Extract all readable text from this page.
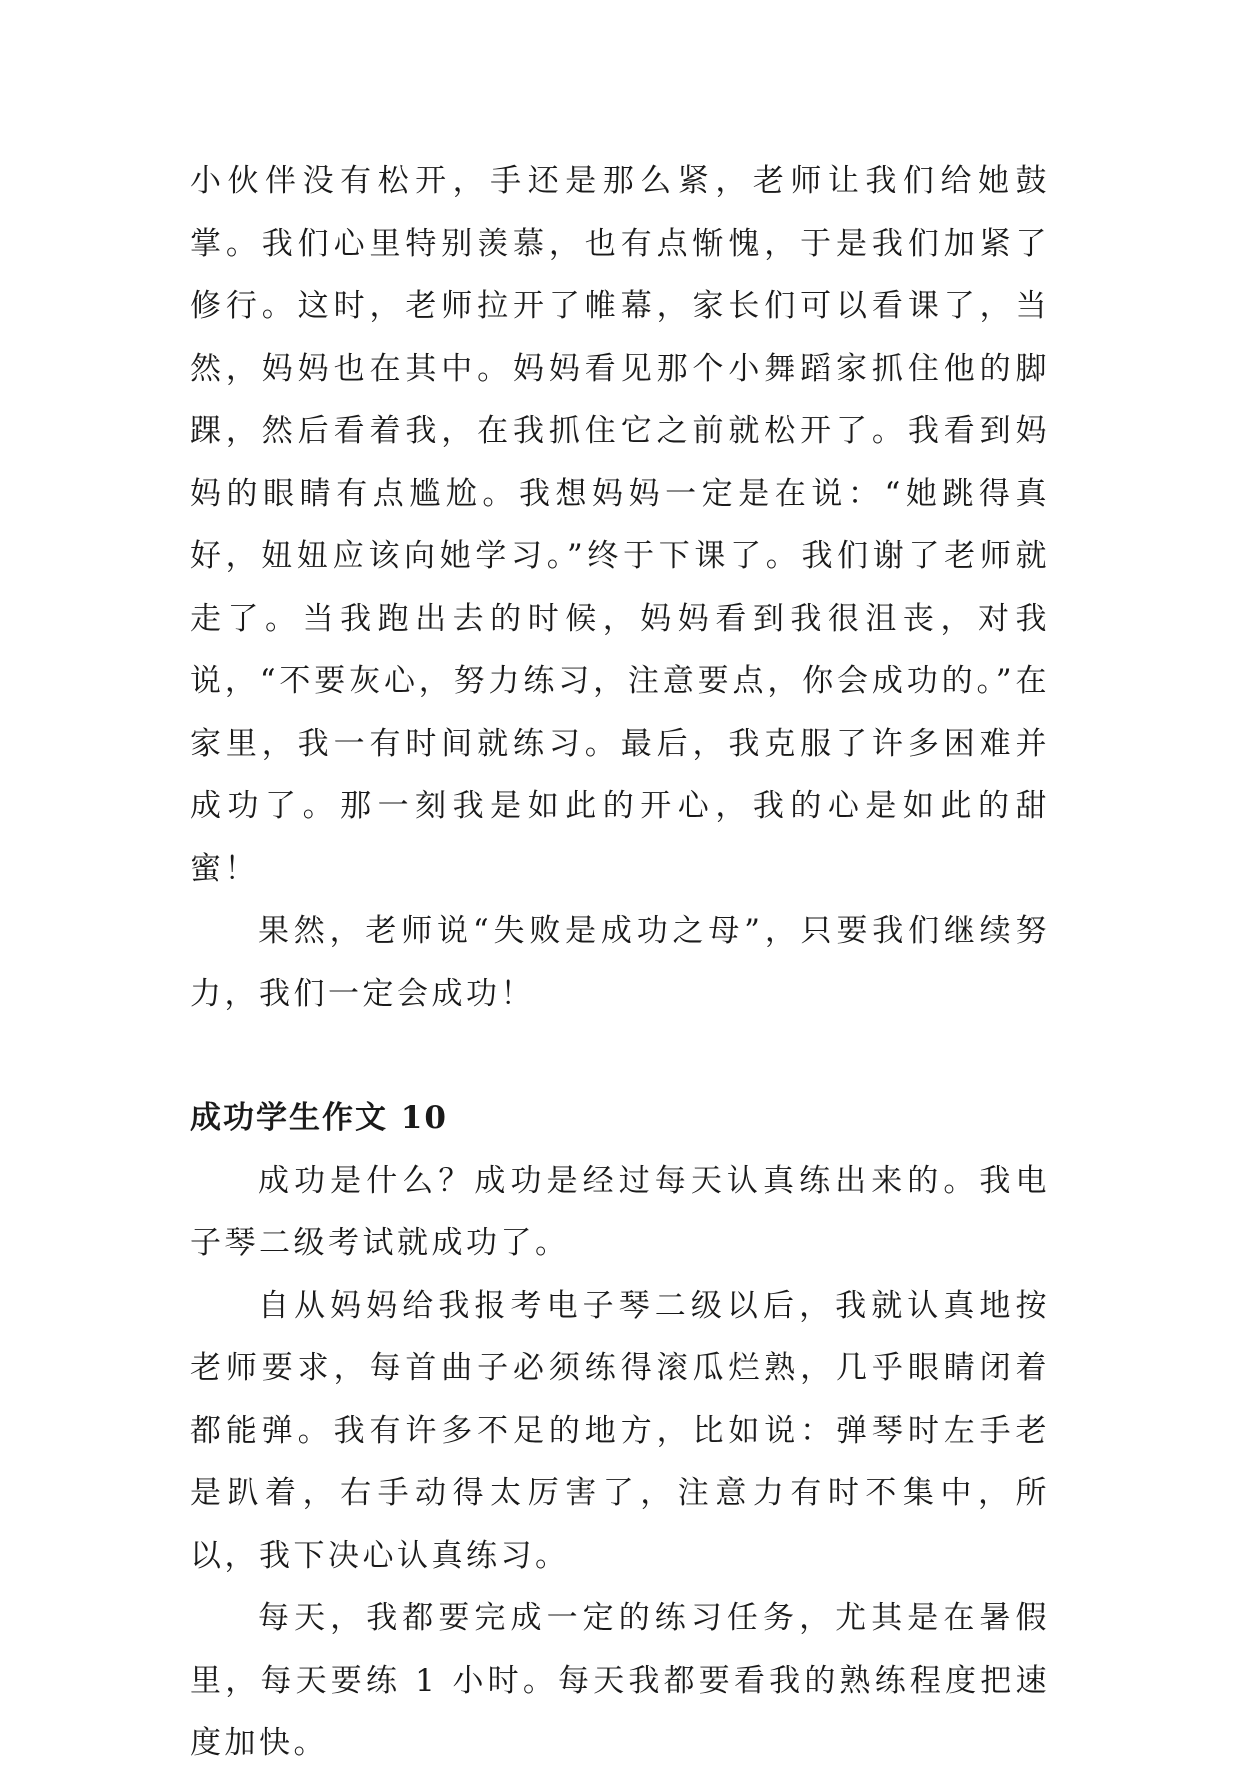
小伙伴没有松开，手还是那么紧，老师让我们给她鼓掌。我们心里特别羡慕，也有点惭愧，于是我们加紧了修行。这时，老师拉开了帷幕，家长们可以看课了，当然，妈妈也在其中。妈妈看见那个小舞蹈家抓住他的脚踝，然后看着我，在我抓住它之前就松开了。我看到妈妈的眼睛有点尴尬。我想妈妈一定是在说：“她跳得真好，妞妞应该向她学习。”终于下课了。我们谢了老师就走了。当我跑出去的时候，妈妈看到我很沮丧，对我说，“不要灰心，努力练习，注意要点，你会成功的。”在家里，我一有时间就练习。最后，我克服了许多困难并成功了。那一刻我是如此的开心，我的心是如此的甜蜜！

果然，老师说“失败是成功之母”，只要我们继续努力，我们一定会成功！

成功学生作文 10

成功是什么？成功是经过每天认真练出来的。我电子琴二级考试就成功了。

自从妈妈给我报考电子琴二级以后，我就认真地按老师要求，每首曲子必须练得滚瓜烂熟，几乎眼睛闭着都能弹。我有许多不足的地方，比如说：弹琴时左手老是趴着，右手动得太厉害了，注意力有时不集中，所以，我下决心认真练习。

每天，我都要完成一定的练习任务，尤其是在暑假里，每天要练 1 小时。每天我都要看我的熟练程度把速度加快。
